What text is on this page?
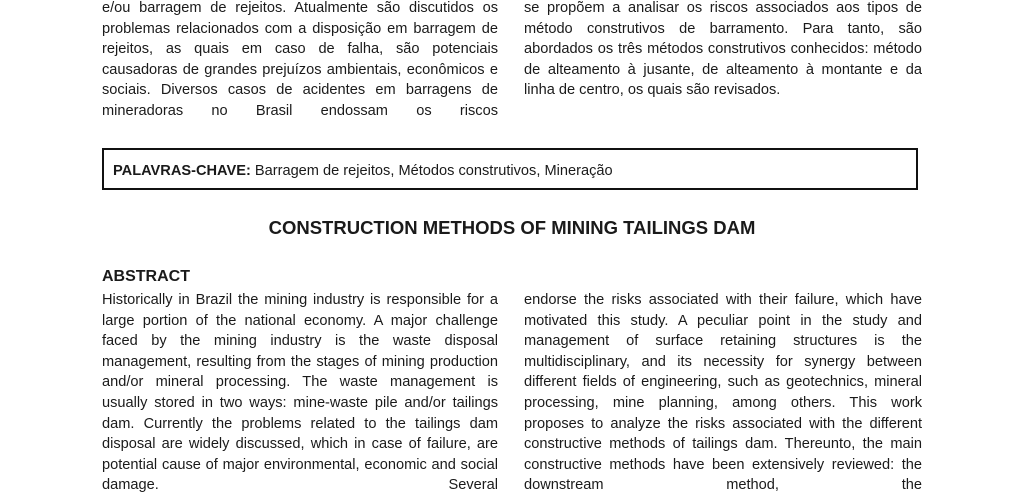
e/ou barragem de rejeitos. Atualmente são discutidos os problemas relacionados com a disposição em barragem de rejeitos, as quais em caso de falha, são potenciais causadoras de grandes prejuízos ambientais, econômicos e sociais. Diversos casos de acidentes em barragens de mineradoras no Brasil endossam os riscos

se propõem a analisar os riscos associados aos tipos de método construtivos de barramento. Para tanto, são abordados os três métodos construtivos conhecidos: método de alteamento à jusante, de alteamento à montante e da linha de centro, os quais são revisados.

PALAVRAS-CHAVE: Barragem de rejeitos, Métodos construtivos, Mineração
CONSTRUCTION METHODS OF MINING TAILINGS DAM
ABSTRACT

Historically in Brazil the mining industry is responsible for a large portion of the national economy. A major challenge faced by the mining industry is the waste disposal management, resulting from the stages of mining production and/or mineral processing. The waste management is usually stored in two ways: mine-waste pile and/or tailings dam. Currently the problems related to the tailings dam disposal are widely discussed, which in case of failure, are potential cause of major environmental, economic and social damage. Several

endorse the risks associated with their failure, which have motivated this study. A peculiar point in the study and management of surface retaining structures is the multidisciplinary, and its necessity for synergy between different fields of engineering, such as geotechnics, mineral processing, mine planning, among others. This work proposes to analyze the risks associated with the different constructive methods of tailings dam. Thereunto, the main constructive methods have been extensively reviewed: the downstream method, the
